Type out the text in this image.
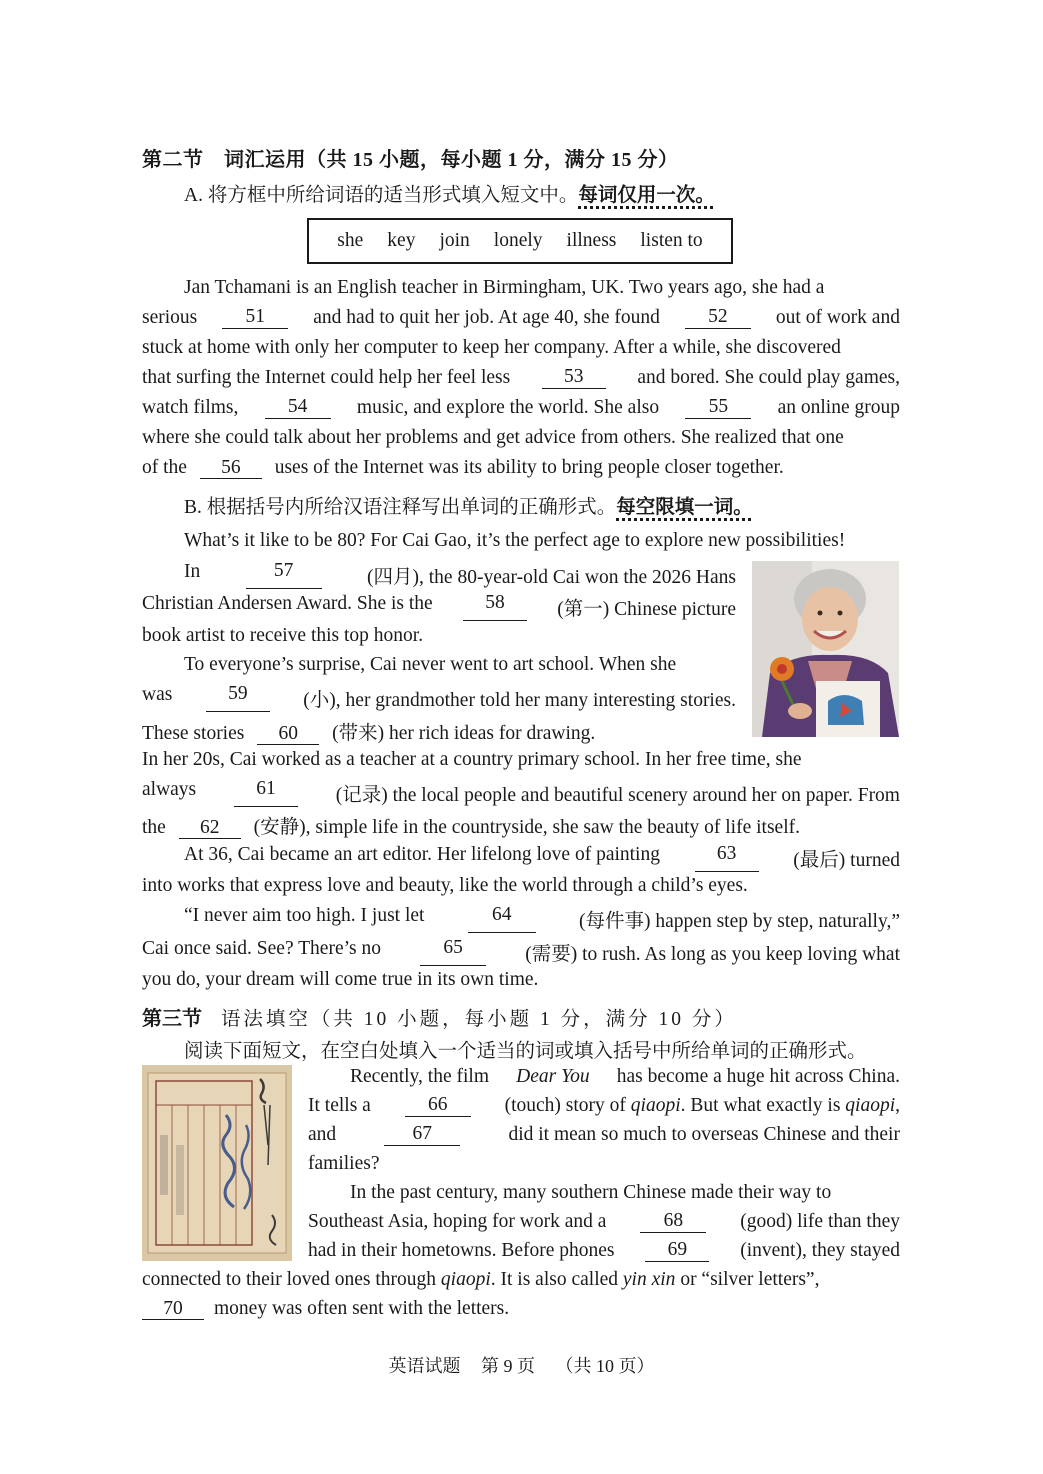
第二节　词汇运用（共 15 小题，每小题 1 分，满分 15 分）
A. 将方框中所给词语的适当形式填入短文中。每词仅用一次。
she key join lonely illness listen to
Jan Tchamani is an English teacher in Birmingham, UK. Two years ago, she had a
serious	51	and had to quit her job. At age 40, she found	52	out of work and
stuck at home with only her computer to keep her company. After a while, she discovered
that surfing the Internet could help her feel less	53	and bored. She could play games,
watch films,	54	music, and explore the world. She also	55	an online group
where she could talk about her problems and get advice from others. She realized that one
of the 56 uses of the Internet was its ability to bring people closer together.
B. 根据括号内所给汉语注释写出单词的正确形式。每空限填一词。
What’s it like to be 80? For Cai Gao, it’s the perfect age to explore new possibilities!
In	57	(四月), the 80-year-old Cai won the 2026 Hans
Christian Andersen Award. She is the	58	(第一) Chinese picture
book artist to receive this top honor.
To everyone’s surprise, Cai never went to art school. When she
was	59	(小), her grandmother told her many interesting stories.
These stories 60 (带来) her rich ideas for drawing.
In her 20s, Cai worked as a teacher at a country primary school. In her free time, she
always	61	(记录) the local people and beautiful scenery around her on paper. From
the 62 (安静), simple life in the countryside, she saw the beauty of life itself.
At 36, Cai became an art editor. Her lifelong love of painting	63	(最后) turned
into works that express love and beauty, like the world through a child’s eyes.
“I never aim too high. I just let	64	(每件事) happen step by step, naturally,”
Cai once said. See? There’s no	65	(需要) to rush. As long as you keep loving what
you do, your dream will come true in its own time.
第三节 语法填空（共 10 小题，每小题 1 分，满分 10 分）
阅读下面短文，在空白处填入一个适当的词或填入括号中所给单词的正确形式。
Recently, the film Dear You has become a huge hit across China.
It tells a	66	(touch) story of qiaopi. But what exactly is qiaopi,
and	67	did it mean so much to overseas Chinese and their
families?
In the past century, many southern Chinese made their way to
Southeast Asia, hoping for work and a	68	(good) life than they
had in their hometowns. Before phones	69	(invent), they stayed
connected to their loved ones through qiaopi. It is also called yin xin or “silver letters”,
70 money was often sent with the letters.
英语试题 第 9 页 （共 10 页）
